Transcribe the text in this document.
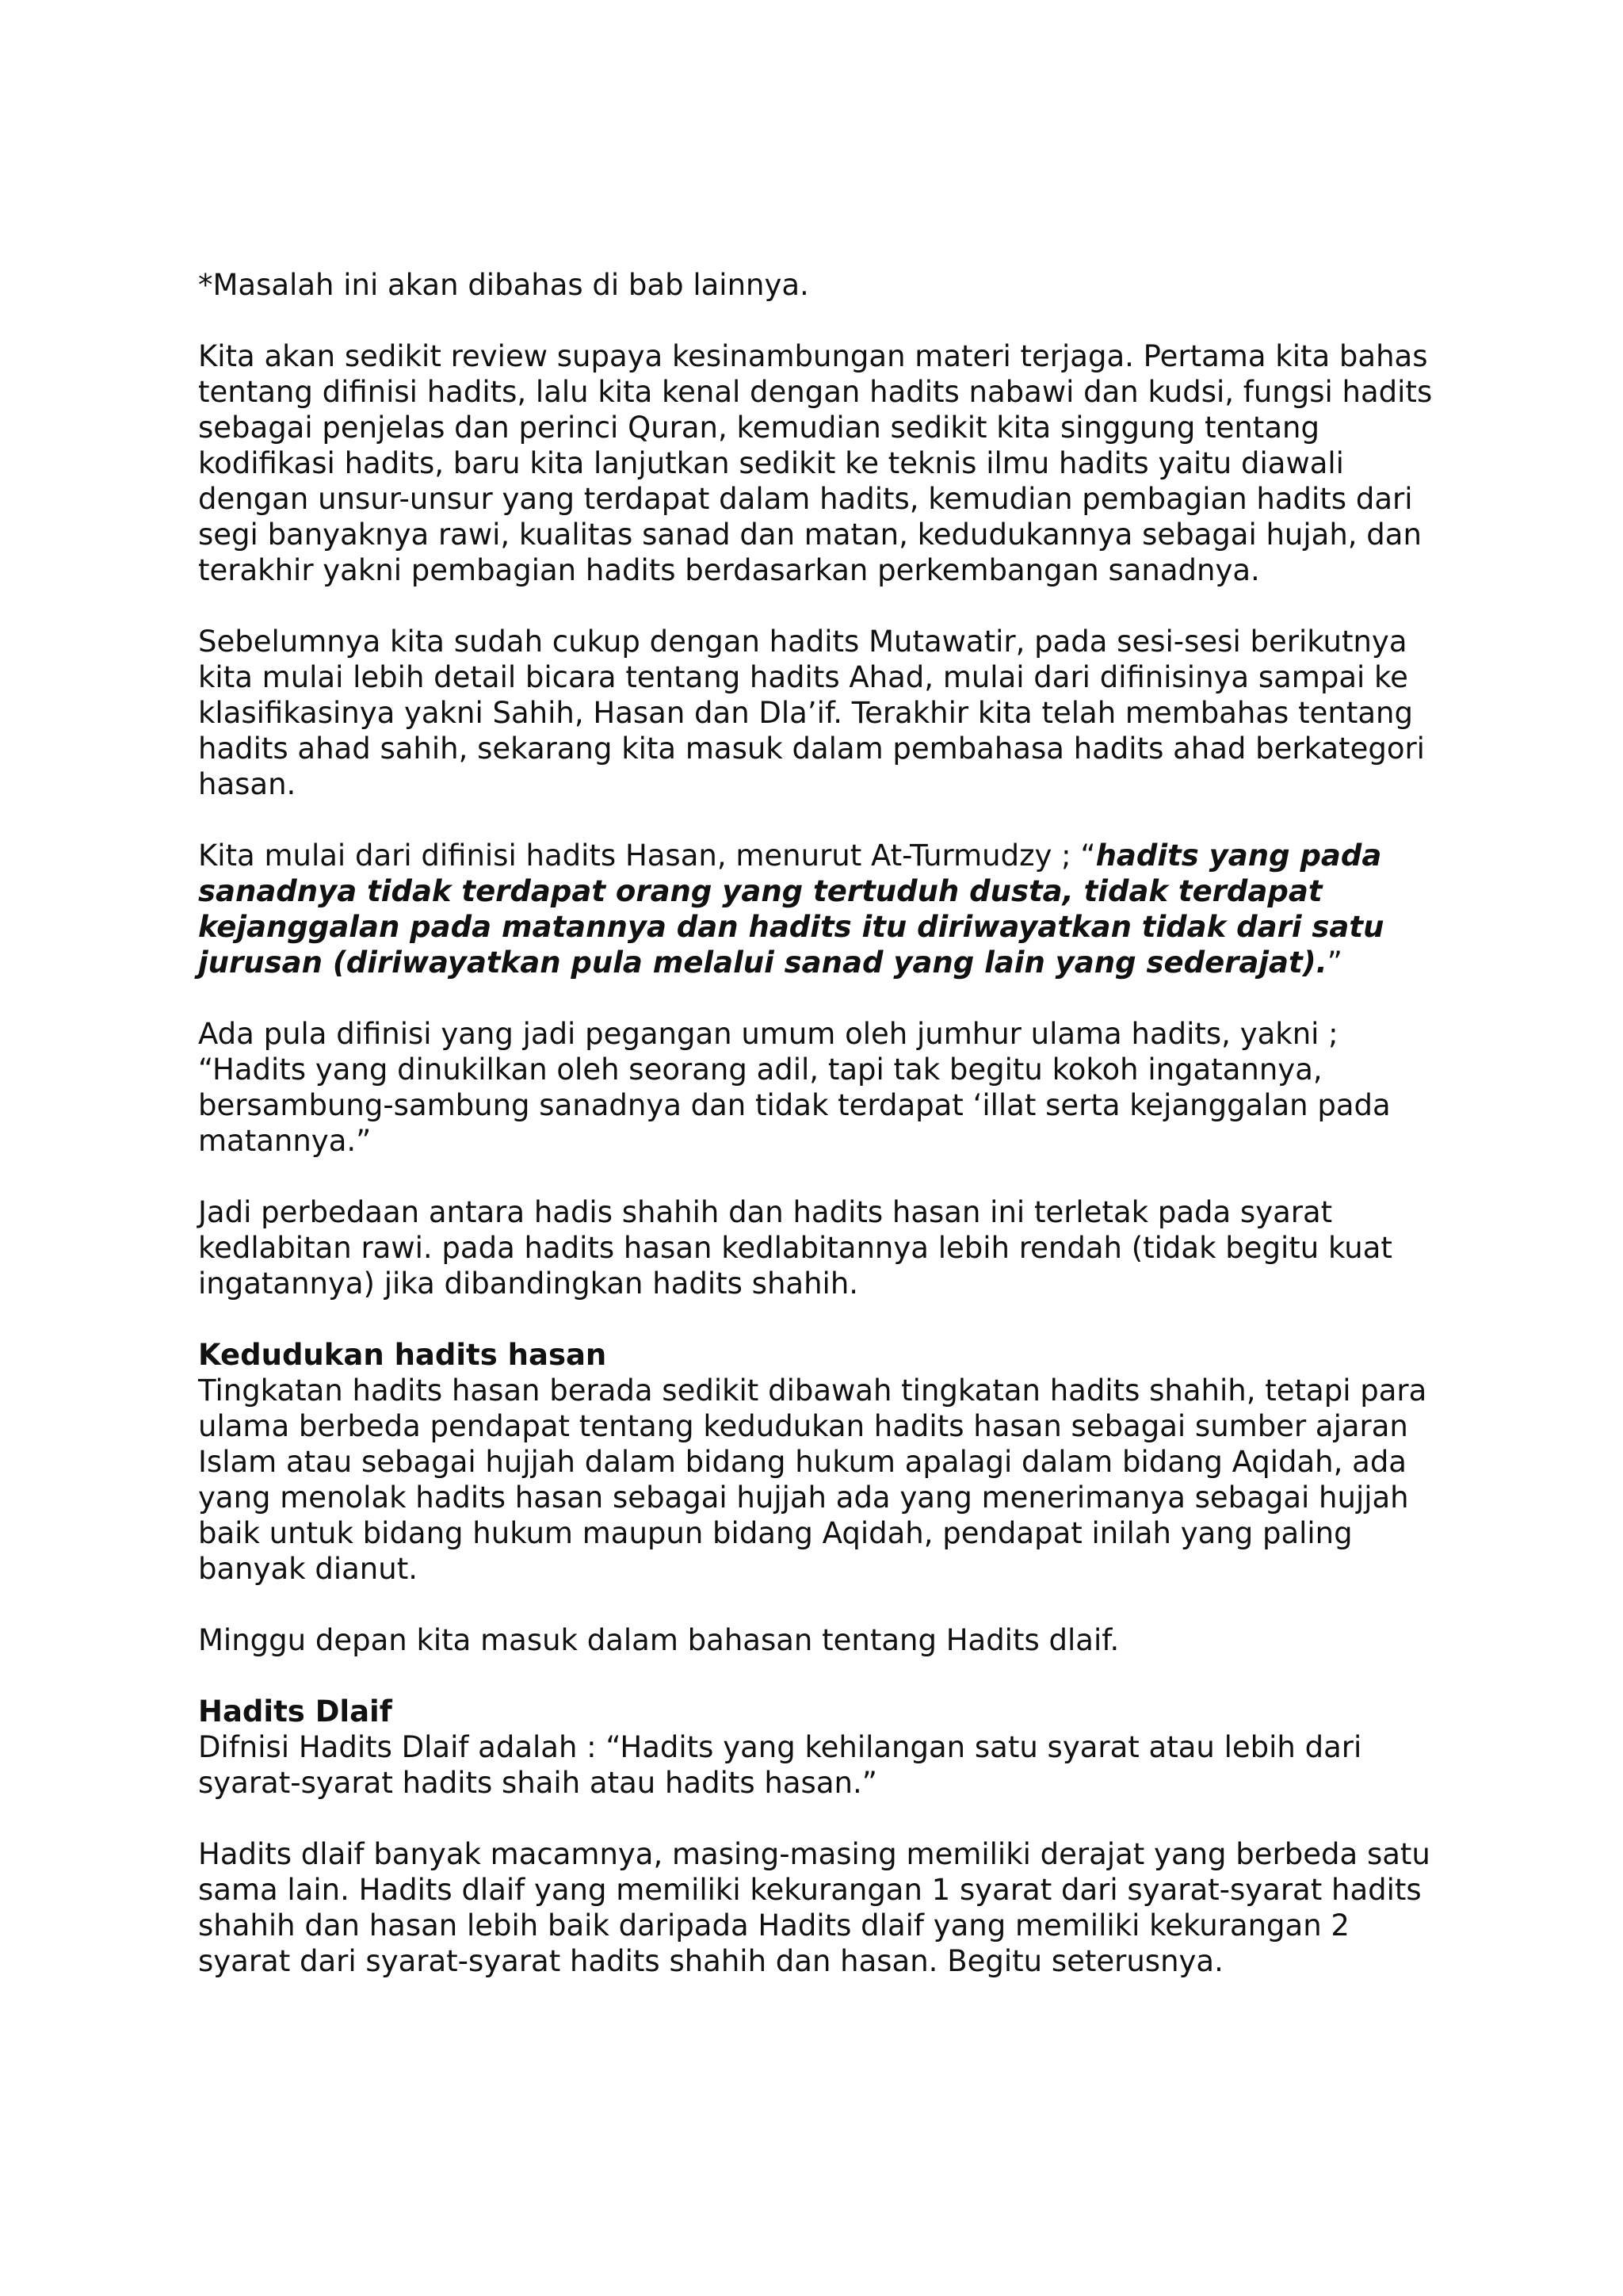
*Masalah ini akan dibahas di bab lainnya.

Kita akan sedikit review supaya kesinambungan materi terjaga. Pertama kita bahas tentang difinisi hadits, lalu kita kenal dengan hadits nabawi dan kudsi, fungsi hadits sebagai penjelas dan perinci Quran, kemudian sedikit kita singgung tentang kodifikasi hadits, baru kita lanjutkan sedikit ke teknis ilmu hadits yaitu diawali dengan unsur-unsur yang terdapat dalam hadits, kemudian pembagian hadits dari segi banyaknya rawi, kualitas sanad dan matan, kedudukannya sebagai hujah, dan terakhir yakni pembagian hadits berdasarkan perkembangan sanadnya.

Sebelumnya kita sudah cukup dengan hadits Mutawatir, pada sesi-sesi berikutnya kita mulai lebih detail bicara tentang hadits Ahad, mulai dari difinisinya sampai ke klasifikasinya yakni Sahih, Hasan dan Dla’if. Terakhir kita telah membahas tentang hadits ahad sahih, sekarang kita masuk dalam pembahasa hadits ahad berkategori hasan.

Kita mulai dari difinisi hadits Hasan, menurut At-Turmudzy ; “hadits yang pada sanadnya tidak terdapat orang yang tertuduh dusta, tidak terdapat kejanggalan pada matannya dan hadits itu diriwayatkan tidak dari satu jurusan (diriwayatkan pula melalui sanad yang lain yang sederajat).”

Ada pula difinisi yang jadi pegangan umum oleh jumhur ulama hadits, yakni ; “Hadits yang dinukilkan oleh seorang adil, tapi tak begitu kokoh ingatannya, bersambung-sambung sanadnya dan tidak terdapat ‘illat serta kejanggalan pada matannya.”

Jadi perbedaan antara hadis shahih dan hadits hasan ini terletak pada syarat kedlabitan rawi. pada hadits hasan kedlabitannya lebih rendah (tidak begitu kuat ingatannya) jika dibandingkan hadits shahih.

Kedudukan hadits hasan
Tingkatan hadits hasan berada sedikit dibawah tingkatan hadits shahih, tetapi para ulama berbeda pendapat tentang kedudukan hadits hasan sebagai sumber ajaran Islam atau sebagai hujjah dalam bidang hukum apalagi dalam bidang Aqidah, ada yang menolak hadits hasan sebagai hujjah ada yang menerimanya sebagai hujjah baik untuk bidang hukum maupun bidang Aqidah, pendapat inilah yang paling banyak dianut.

Minggu depan kita masuk dalam bahasan tentang Hadits dlaif.

Hadits Dlaif
Difnisi Hadits Dlaif adalah : “Hadits yang kehilangan satu syarat atau lebih dari syarat-syarat hadits shaih atau hadits hasan.”

Hadits dlaif banyak macamnya, masing-masing memiliki derajat yang berbeda satu sama lain. Hadits dlaif yang memiliki kekurangan 1 syarat dari syarat-syarat hadits shahih dan hasan lebih baik daripada Hadits dlaif yang memiliki kekurangan 2 syarat dari syarat-syarat hadits shahih dan hasan. Begitu seterusnya.
